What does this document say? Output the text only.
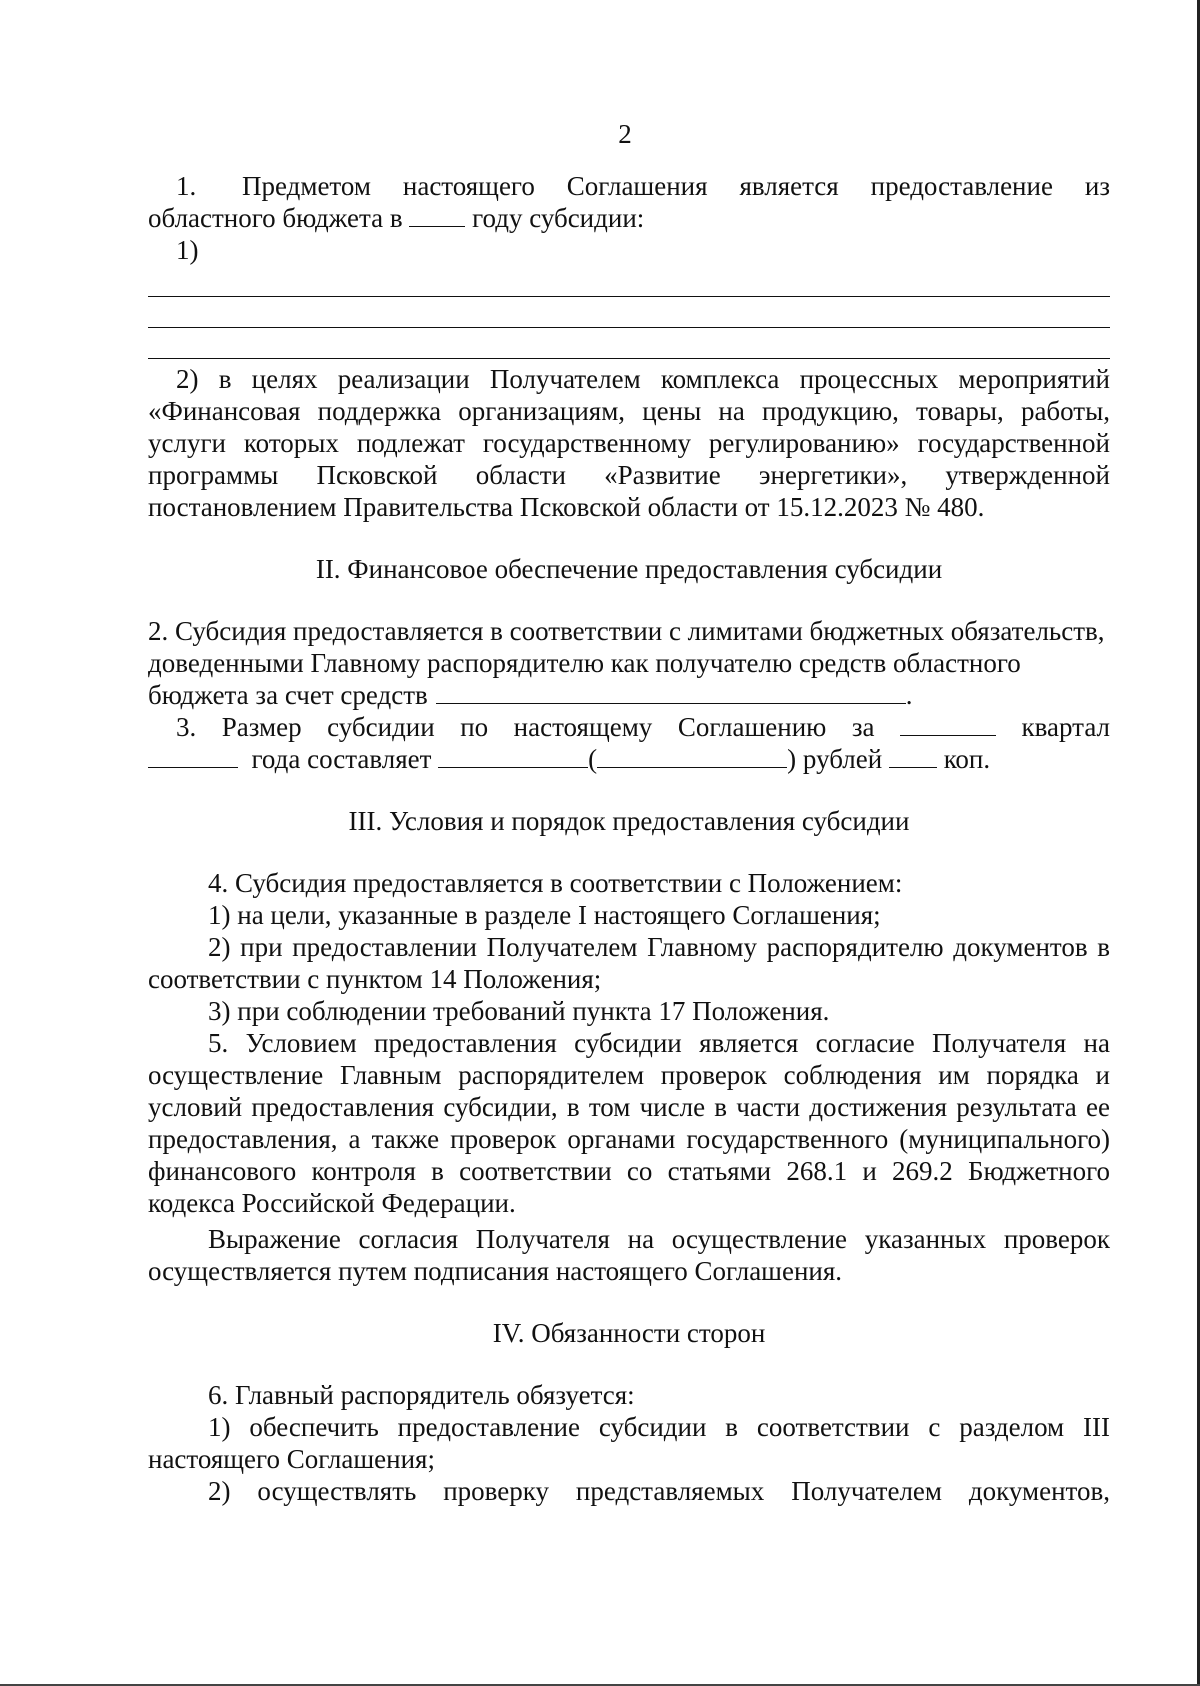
2

1. Предметом настоящего Соглашения является предоставление из

областного бюджета в	году субсидии:

1)

2) в целях реализации Получателем комплекса процессных мероприятий «Финансовая поддержка организациям, цены на продукцию, товары, работы, услуги которых подлежат государственному регулированию» государственной программы Псковской области «Развитие энергетики», утвержденной постановлением Правительства Псковской области от 15.12.2023 № 480.

II. Финансовое обеспечение предоставления субсидии

2. Субсидия предоставляется в соответствии с лимитами бюджетных обязательств, доведенными Главному распорядителю как получателю средств областного бюджета за счет средств	.

3. Размер субсидии по настоящему Соглашению за	квартал

года составляет	(	) рублей коп.

III. Условия и порядок предоставления субсидии

4. Субсидия предоставляется в соответствии с Положением:

1) на цели, указанные в разделе I настоящего Соглашения;

2) при предоставлении Получателем Главному распорядителю документов в соответствии с пунктом 14 Положения;

3) при соблюдении требований пункта 17 Положения.

5. Условием предоставления субсидии является согласие Получателя на осуществление Главным распорядителем проверок соблюдения им порядка и условий предоставления субсидии, в том числе в части достижения результата ее предоставления, а также проверок органами государственного (муниципального) финансового контроля в соответствии со статьями 268.1 и 269.2 Бюджетного кодекса Российской Федерации.

Выражение согласия Получателя на осуществление указанных проверок осуществляется путем подписания настоящего Соглашения.

IV. Обязанности сторон

6. Главный распорядитель обязуется:

1) обеспечить предоставление субсидии в соответствии с разделом III настоящего Соглашения;

2) осуществлять проверку представляемых Получателем документов,
